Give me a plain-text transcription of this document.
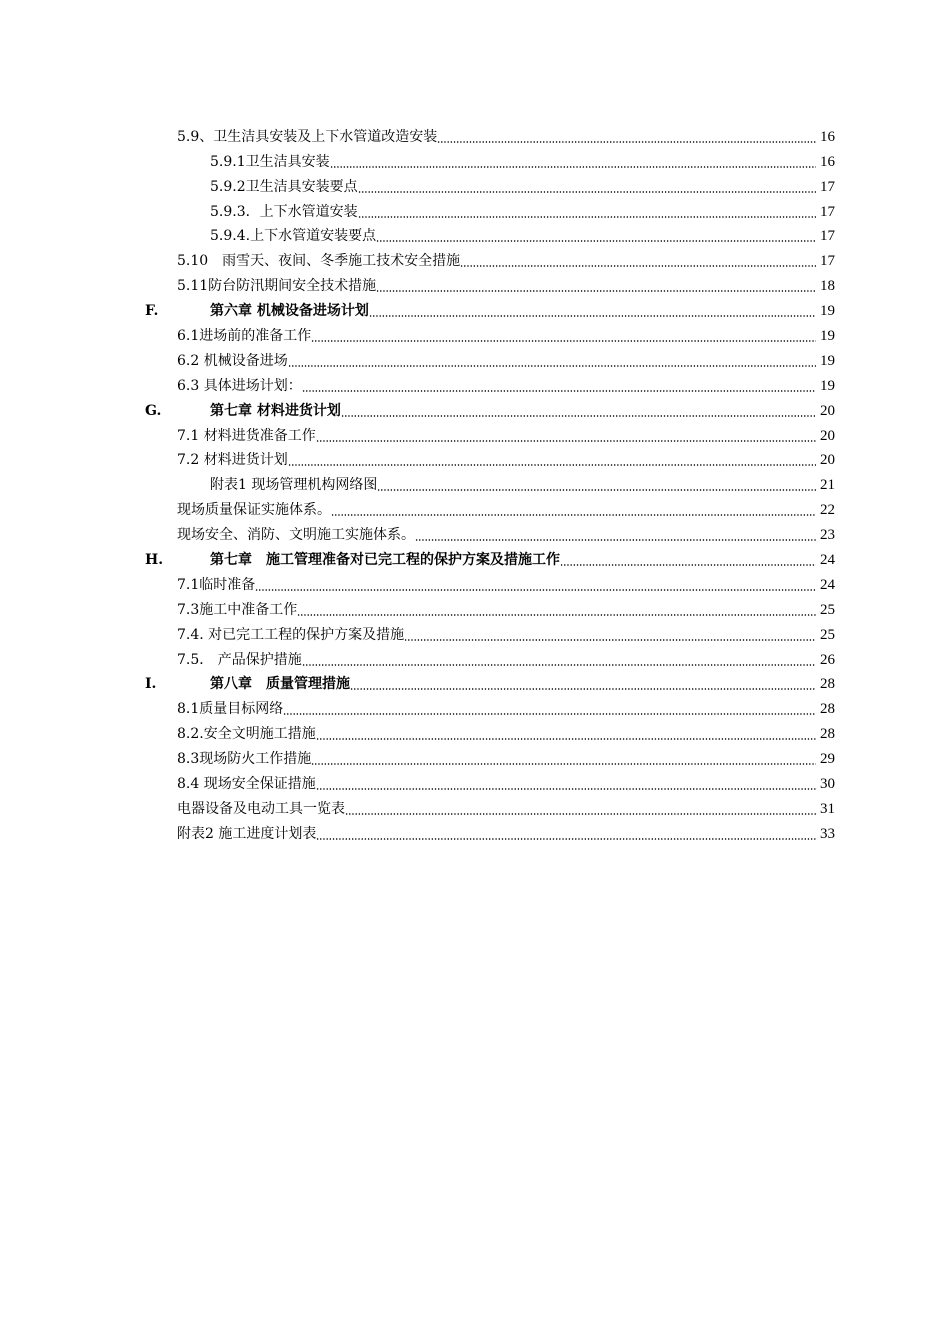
5.9、卫生洁具安装及上下水管道改造安装	16
5.9.1卫生洁具安装	16
5.9.2卫生洁具安装要点	17
5.9.3．上下水管道安装	17
5.9.4.上下水管道安装要点	17
5.10　雨雪天、夜间、冬季施工技术安全措施	17
5.11防台防汛期间安全技术措施	18
F.	第六章 机械设备进场计划	19
6.1进场前的准备工作	19
6.2 机械设备进场	19
6.3 具体进场计划：	19
G.	第七章 材料进货计划	20
7.1 材料进货准备工作	20
7.2 材料进货计划	20
附表1 现场管理机构网络图	21
现场质量保证实施体系。	22
现场安全、消防、文明施工实施体系。	23
H.	第七章　施工管理准备对已完工程的保护方案及措施工作	24
7.1临时准备	24
7.3施工中准备工作	25
7.4. 对已完工工程的保护方案及措施	25
7.5． 产品保护措施	26
I.	第八章　质量管理措施	28
8.1质量目标网络	28
8.2.安全文明施工措施	28
8.3现场防火工作措施	29
8.4 现场安全保证措施	30
电器设备及电动工具一览表	31
附表2 施工进度计划表	33
